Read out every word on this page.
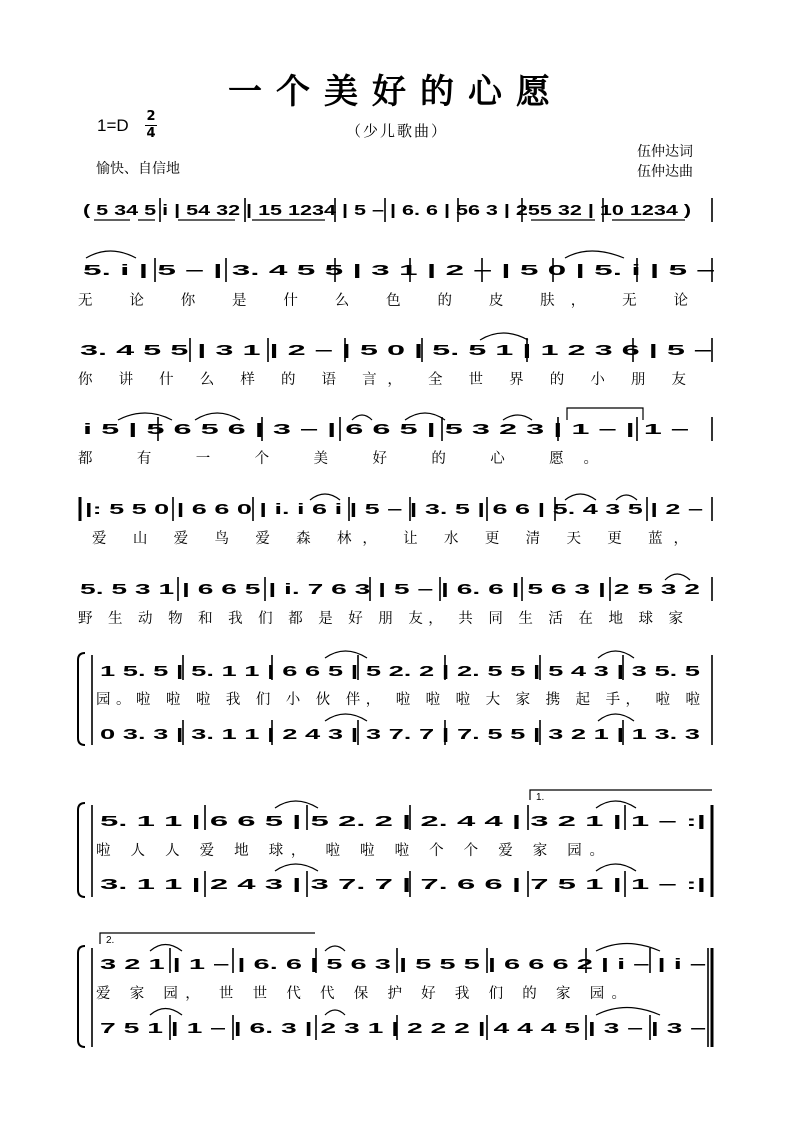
一个美好的心愿
（少儿歌曲）
1=D 2
4
愉快、自信地
伍仲达词
伍仲达曲
( 5 34 5 i | 54 32 | 15 1234 | 5 – | 6. 6 | 56 3 | 255 32 | 10 1234 )
5. i | 5 – | 3. 4 5 5 | 3 1 | 2 – | 5 0 | 5. i | 5 –
无 论 你 是 什 么 色 的 皮 肤， 无 论
3. 4 5 5 | 3 1 | 2 – | 5 0 | 5. 5 1 | 1 2 3 6 | 5 –
你 讲 什 么 样 的 语 言， 全 世 界 的 小 朋 友
i 5 | 5 6 5 6 | 3 – | 6 6 5 | 5 3 2 3 | 1 – | 1 –
都 有 一 个 美 好 的 心 愿。
|: 5 5 0 | 6 6 0 | i. i 6 i | 5 – | 3. 5 | 6 6 | 5. 4 3 5 | 2 –
爱 山 爱 鸟 爱 森 林， 让 水 更 清 天 更 蓝，
5. 5 3 1 | 6 6 5 | i. 7 6 3 | 5 – | 6. 6 | 5 6 3 | 2 5 3 2
野 生 动 物 和 我 们 都 是 好 朋 友， 共 同 生 活 在 地 球 家
1 5. 5 | 5. 1 1 | 6 6 5 | 5 2. 2 | 2. 5 5 | 5 4 3 | 3 5. 5
园。啦 啦 啦 我 们 小 伙 伴， 啦 啦 啦 大 家 携 起 手， 啦 啦
0 3. 3 | 3. 1 1 | 2 4 3 | 3 7. 7 | 7. 5 5 | 3 2 1 | 1 3. 3
1.
5. 1 1 | 6 6 5 | 5 2. 2 | 2. 4 4 | 3 2 1 | 1 – :|
啦 人 人 爱 地 球， 啦 啦 啦 个 个 爱 家 园。
3. 1 1 | 2 4 3 | 3 7. 7 | 7. 6 6 | 7 5 1 | 1 – :|
2.
3 2 1 | 1 – | 6. 6 | 5 6 3 | 5 5 5 | 6 6 6 2 | i – | i –
爱 家 园， 世 世 代 代 保 护 好 我 们 的 家 园。
7 5 1 | 1 – | 6. 3 | 2 3 1 | 2 2 2 | 4 4 4 5 | 3 – | 3 –
